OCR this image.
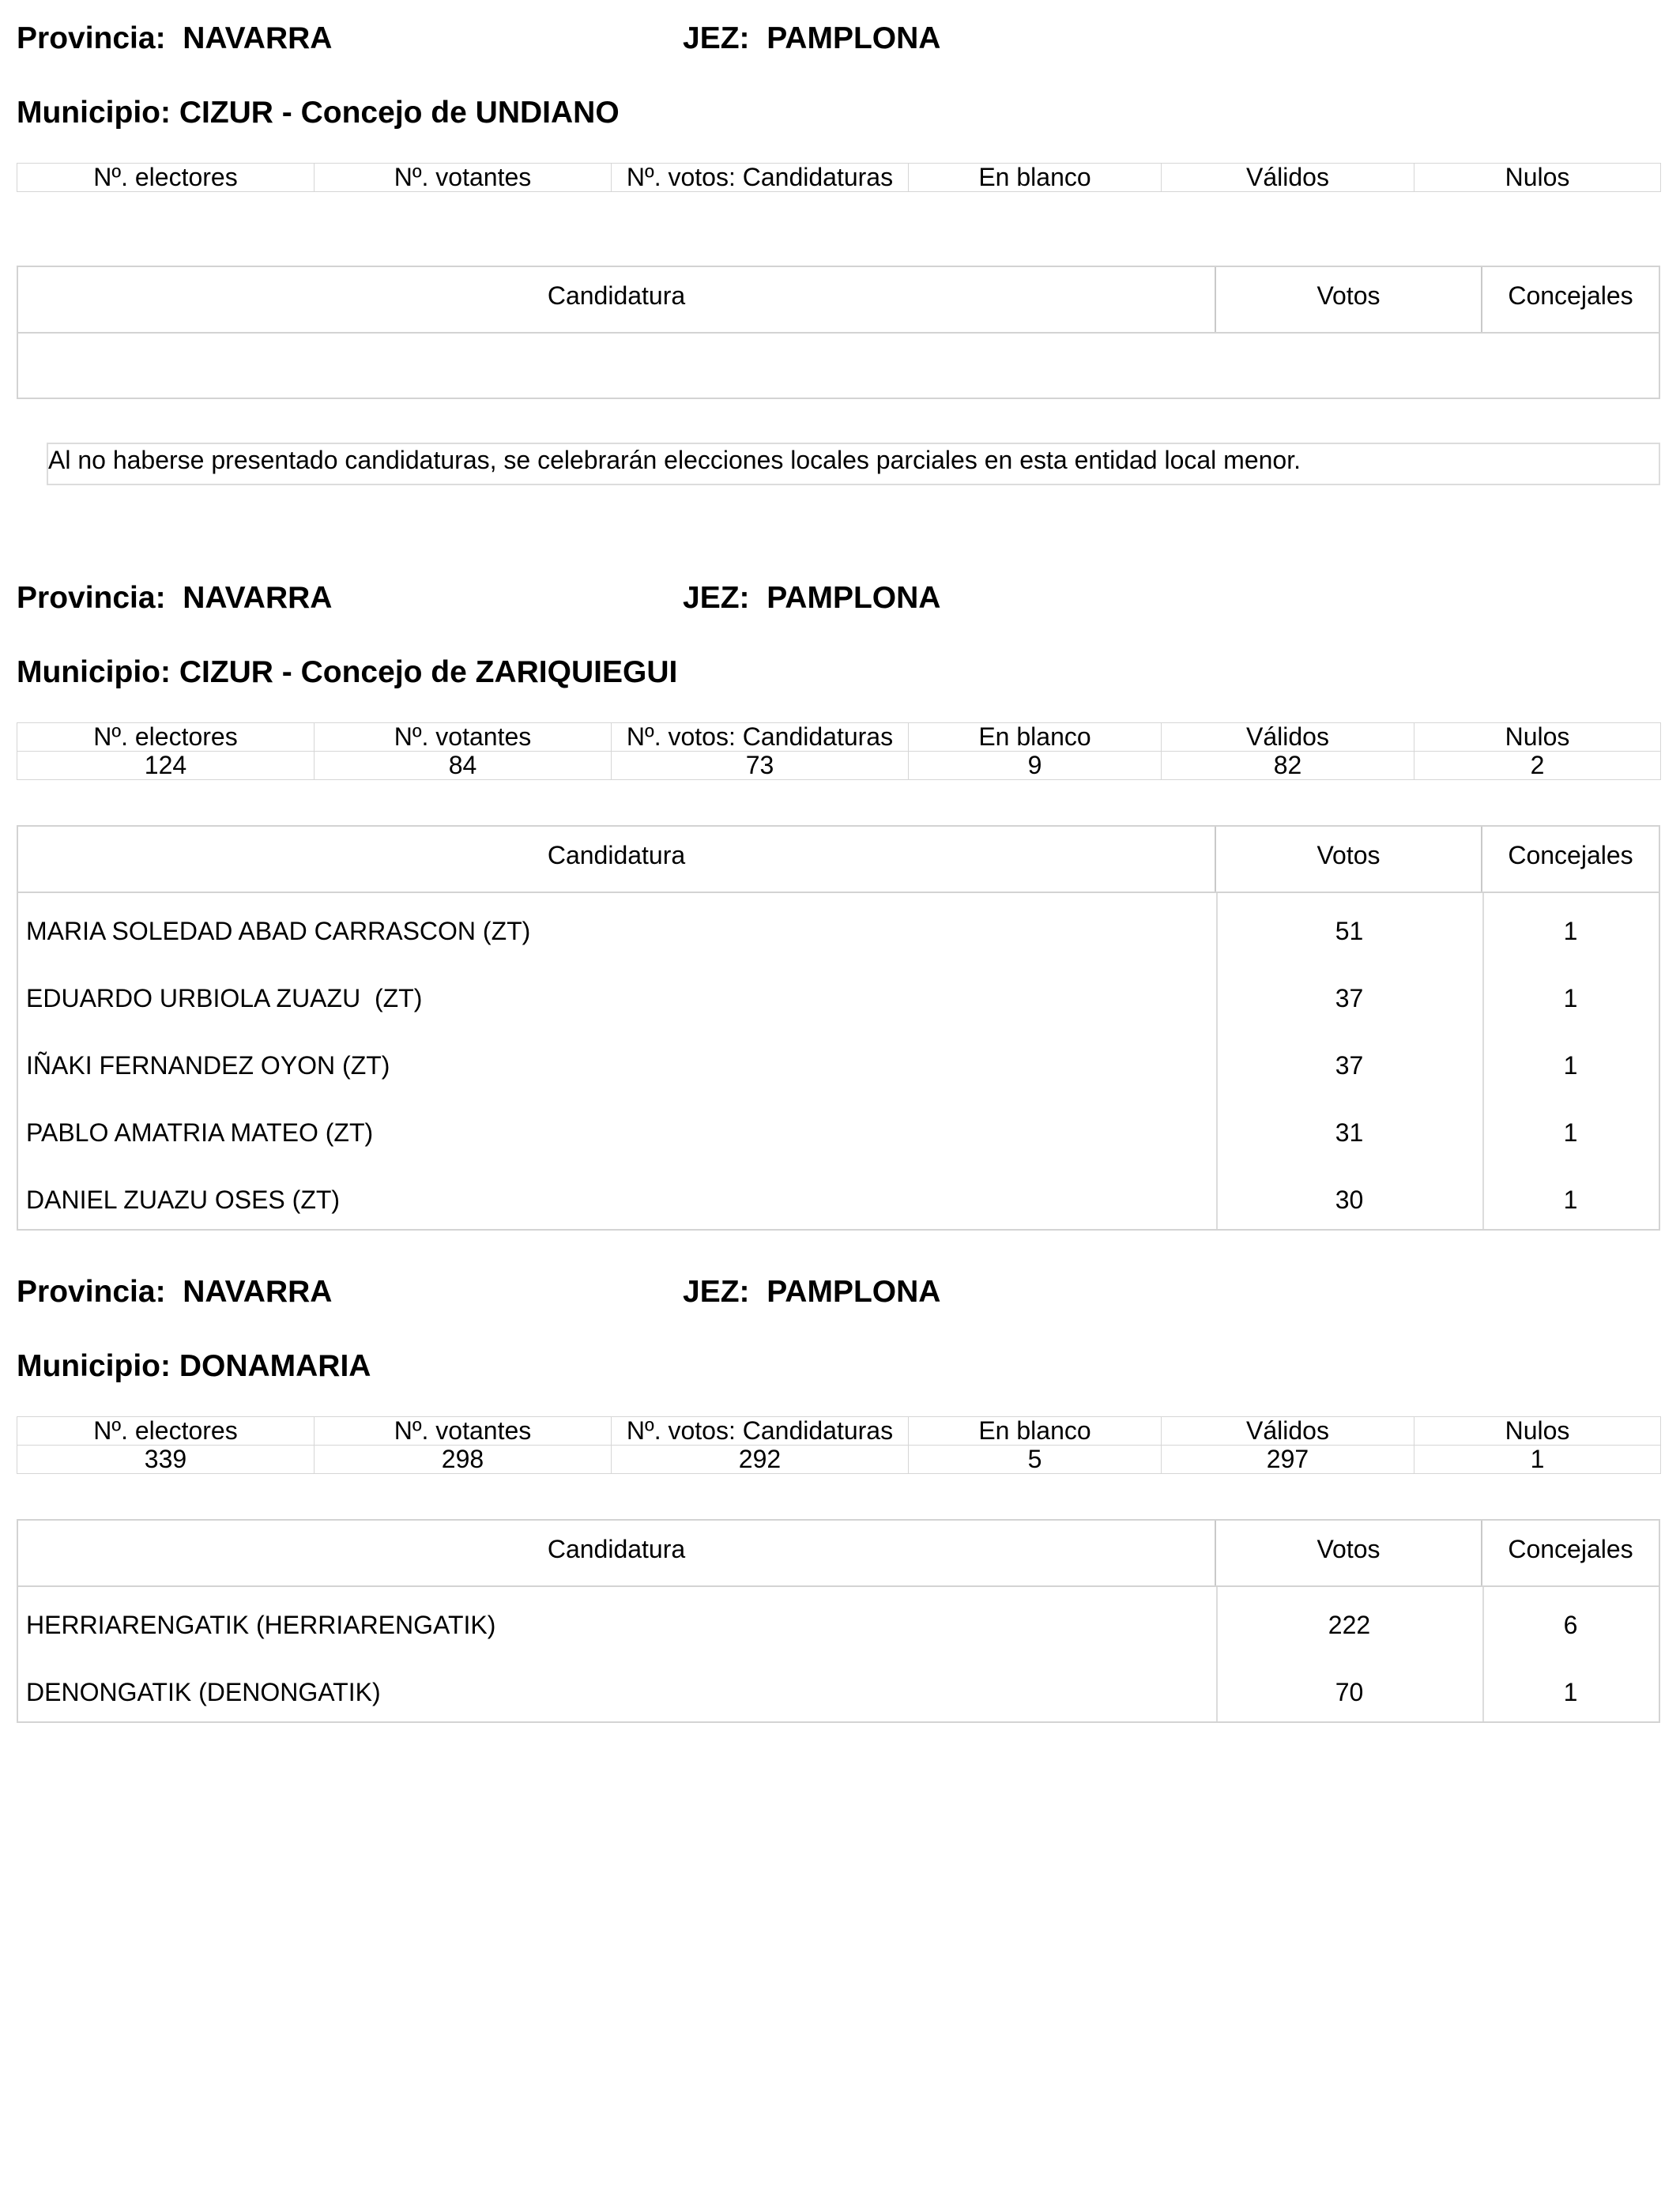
Provincia: NAVARRA	JEZ: PAMPLONA
Municipio: CIZUR - Concejo de UNDIANO
Nº. electores	Nº. votantes	Nº. votos: Candidaturas	En blanco	Válidos	Nulos
Candidatura	Votos	Concejales
Al no haberse presentado candidaturas, se celebrarán elecciones locales parciales en esta entidad local menor.
Provincia: NAVARRA	JEZ: PAMPLONA
Municipio: CIZUR - Concejo de ZARIQUIEGUI
Nº. electores	Nº. votantes	Nº. votos: Candidaturas	En blanco	Válidos	Nulos
124	84	73	9	82	2
Candidatura	Votos	Concejales
MARIA SOLEDAD ABAD CARRASCON (ZT)	51	1
EDUARDO URBIOLA ZUAZU  (ZT)	37	1
IÑAKI FERNANDEZ OYON (ZT)	37	1
PABLO AMATRIA MATEO (ZT)	31	1
DANIEL ZUAZU OSES (ZT)	30	1
Provincia: NAVARRA	JEZ: PAMPLONA
Municipio: DONAMARIA
Nº. electores	Nº. votantes	Nº. votos: Candidaturas	En blanco	Válidos	Nulos
339	298	292	5	297	1
Candidatura	Votos	Concejales
HERRIARENGATIK (HERRIARENGATIK)	222	6
DENONGATIK (DENONGATIK)	70	1
